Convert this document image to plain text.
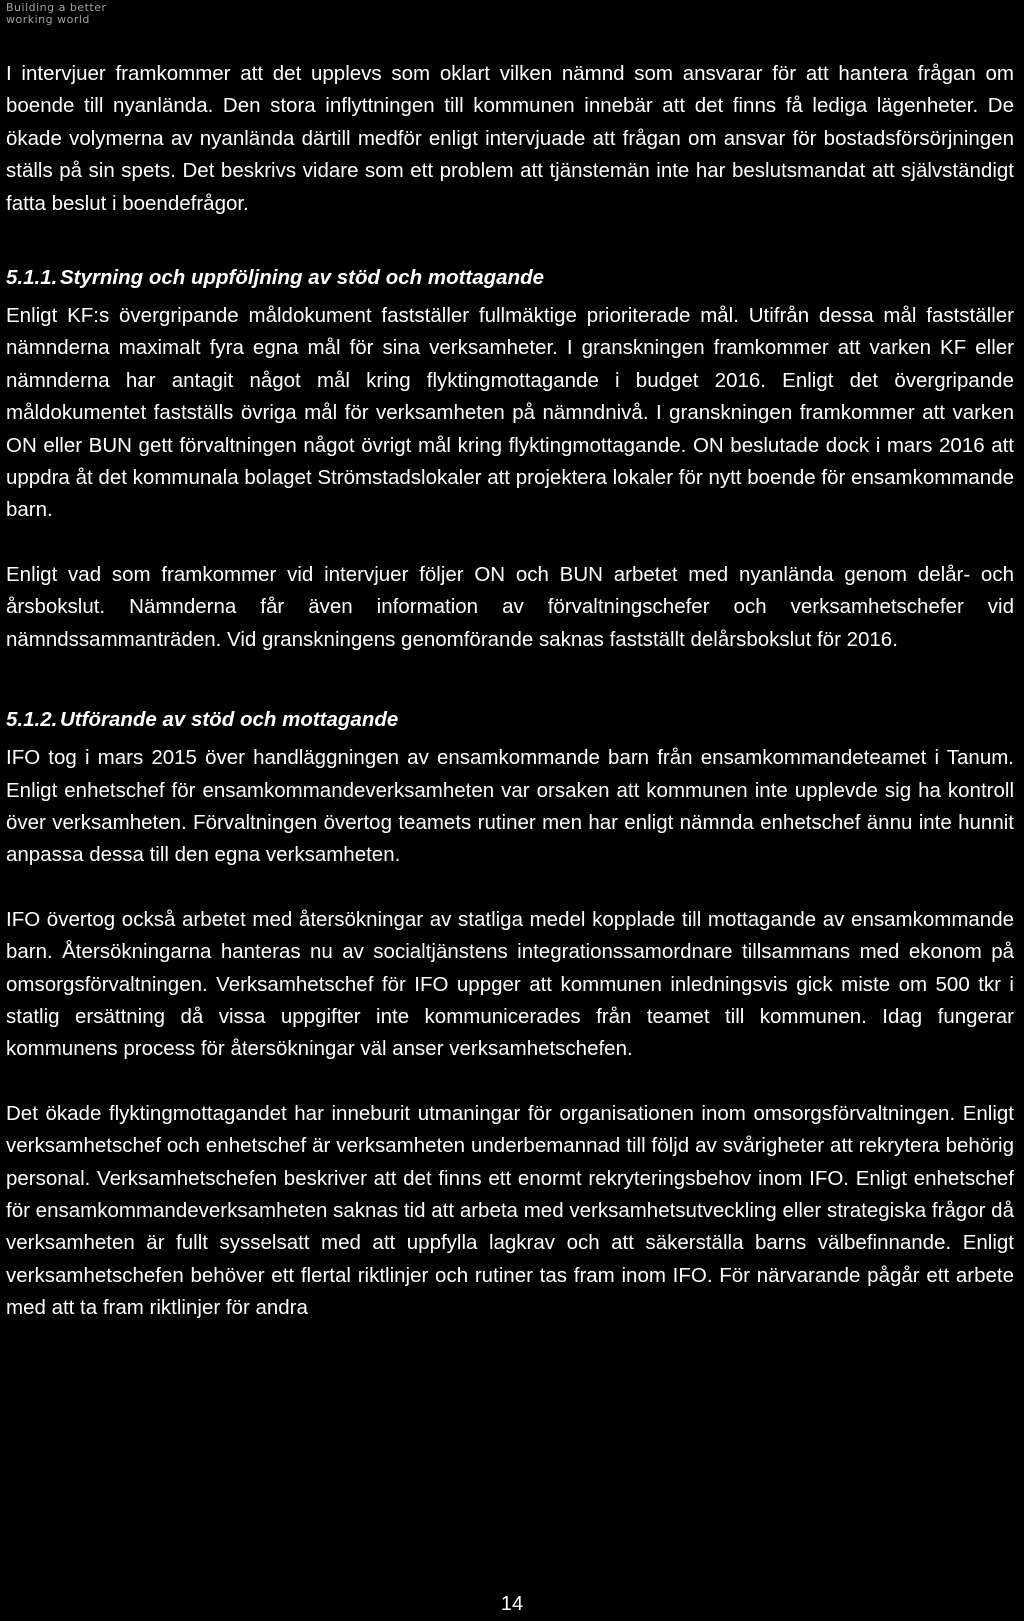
Building a better
working world

I intervjuer framkommer att det upplevs som oklart vilken nämnd som ansvarar för att hantera frågan om boende till nyanlända. Den stora inflyttningen till kommunen innebär att det finns få lediga lägenheter. De ökade volymerna av nyanlända därtill medför enligt intervjuade att frågan om ansvar för bostadsförsörjningen ställs på sin spets. Det beskrivs vidare som ett problem att tjänstemän inte har beslutsmandat att självständigt fatta beslut i boendefrågor.

5.1.1. Styrning och uppföljning av stöd och mottagande

Enligt KF:s övergripande måldokument fastställer fullmäktige prioriterade mål. Utifrån dessa mål fastställer nämnderna maximalt fyra egna mål för sina verksamheter. I granskningen framkommer att varken KF eller nämnderna har antagit något mål kring flyktingmottagande i budget 2016. Enligt det övergripande måldokumentet fastställs övriga mål för verksamheten på nämndnivå. I granskningen framkommer att varken ON eller BUN gett förvaltningen något övrigt mål kring flyktingmottagande. ON beslutade dock i mars 2016 att uppdra åt det kommunala bolaget Strömstadslokaler att projektera lokaler för nytt boende för ensamkommande barn.

Enligt vad som framkommer vid intervjuer följer ON och BUN arbetet med nyanlända genom delår- och årsbokslut. Nämnderna får även information av förvaltningschefer och verksamhetschefer vid nämndssammanträden. Vid granskningens genomförande saknas fastställt delårsbokslut för 2016.

5.1.2. Utförande av stöd och mottagande

IFO tog i mars 2015 över handläggningen av ensamkommande barn från ensamkommandeteamet i Tanum. Enligt enhetschef för ensamkommandeverksamheten var orsaken att kommunen inte upplevde sig ha kontroll över verksamheten. Förvaltningen övertog teamets rutiner men har enligt nämnda enhetschef ännu inte hunnit anpassa dessa till den egna verksamheten.

IFO övertog också arbetet med återsökningar av statliga medel kopplade till mottagande av ensamkommande barn. Återsökningarna hanteras nu av socialtjänstens integrationssamordnare tillsammans med ekonom på omsorgsförvaltningen. Verksamhetschef för IFO uppger att kommunen inledningsvis gick miste om 500 tkr i statlig ersättning då vissa uppgifter inte kommunicerades från teamet till kommunen. Idag fungerar kommunens process för återsökningar väl anser verksamhetschefen.

Det ökade flyktingmottagandet har inneburit utmaningar för organisationen inom omsorgsförvaltningen. Enligt verksamhetschef och enhetschef är verksamheten underbemannad till följd av svårigheter att rekrytera behörig personal. Verksamhetschefen beskriver att det finns ett enormt rekryteringsbehov inom IFO. Enligt enhetschef för ensamkommandeverksamheten saknas tid att arbeta med verksamhetsutveckling eller strategiska frågor då verksamheten är fullt sysselsatt med att uppfylla lagkrav och att säkerställa barns välbefinnande. Enligt verksamhetschefen behöver ett flertal riktlinjer och rutiner tas fram inom IFO. För närvarande pågår ett arbete med att ta fram riktlinjer för andra

14
